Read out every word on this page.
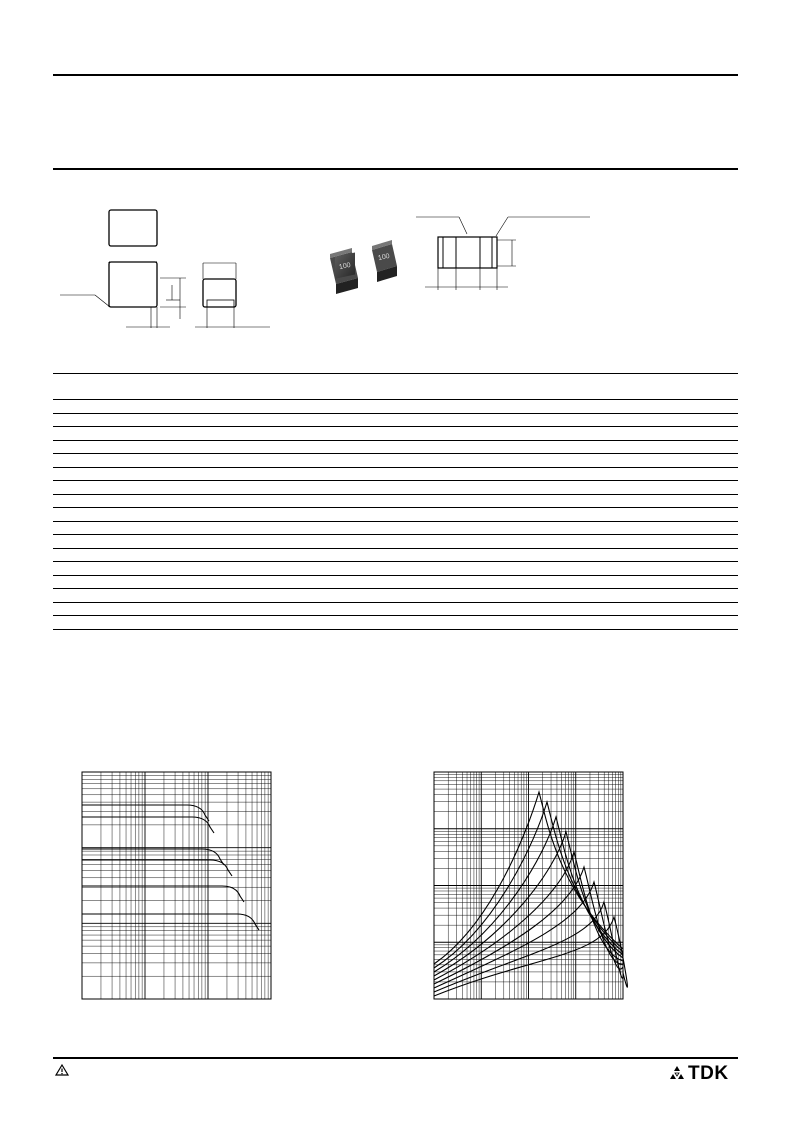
100
100
TDK
